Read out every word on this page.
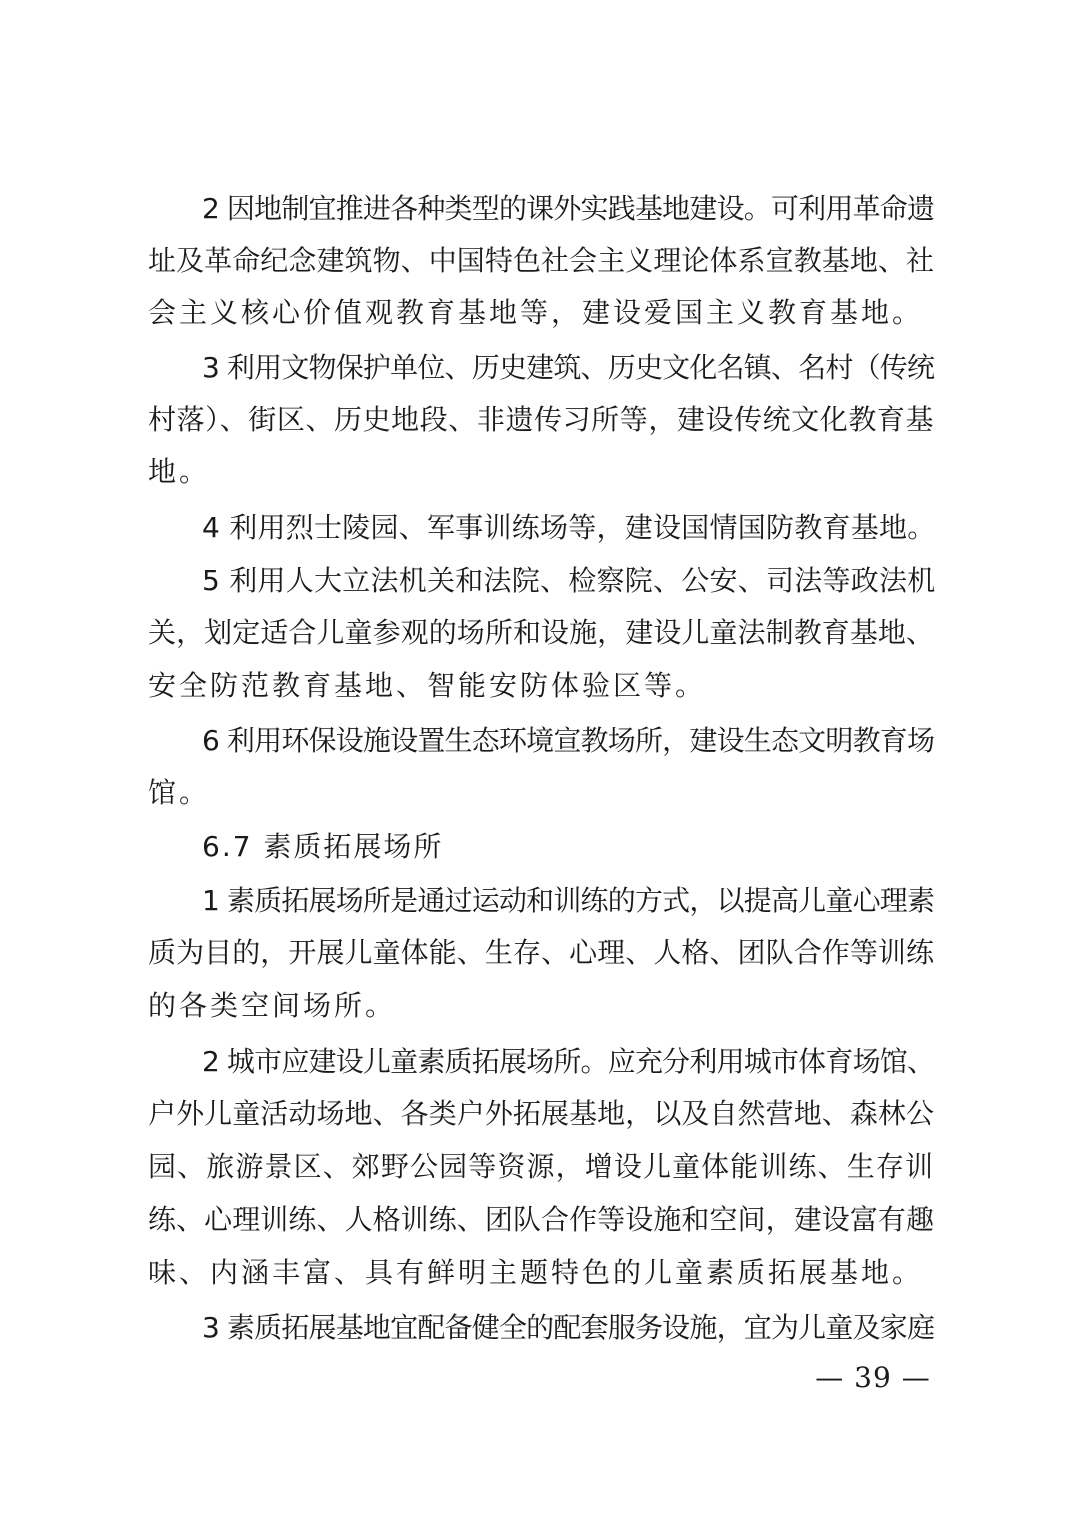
2 因地制宜推进各种类型的课外实践基地建设。可利用革命遗
址及革命纪念建筑物、中国特色社会主义理论体系宣教基地、社
会主义核心价值观教育基地等，建设爱国主义教育基地。
3 利用文物保护单位、历史建筑、历史文化名镇、名村（传统
村落）、街区、历史地段、非遗传习所等，建设传统文化教育基
地。
4 利用烈士陵园、军事训练场等，建设国情国防教育基地。
5 利用人大立法机关和法院、检察院、公安、司法等政法机
关，划定适合儿童参观的场所和设施，建设儿童法制教育基地、
安全防范教育基地、智能安防体验区等。
6 利用环保设施设置生态环境宣教场所，建设生态文明教育场
馆。
6.7 素质拓展场所
1 素质拓展场所是通过运动和训练的方式，以提高儿童心理素
质为目的，开展儿童体能、生存、心理、人格、团队合作等训练
的各类空间场所。
2 城市应建设儿童素质拓展场所。应充分利用城市体育场馆、
户外儿童活动场地、各类户外拓展基地，以及自然营地、森林公
园、旅游景区、郊野公园等资源，增设儿童体能训练、生存训
练、心理训练、人格训练、团队合作等设施和空间，建设富有趣
味、内涵丰富、具有鲜明主题特色的儿童素质拓展基地。
3 素质拓展基地宜配备健全的配套服务设施，宜为儿童及家庭
— 39 —
